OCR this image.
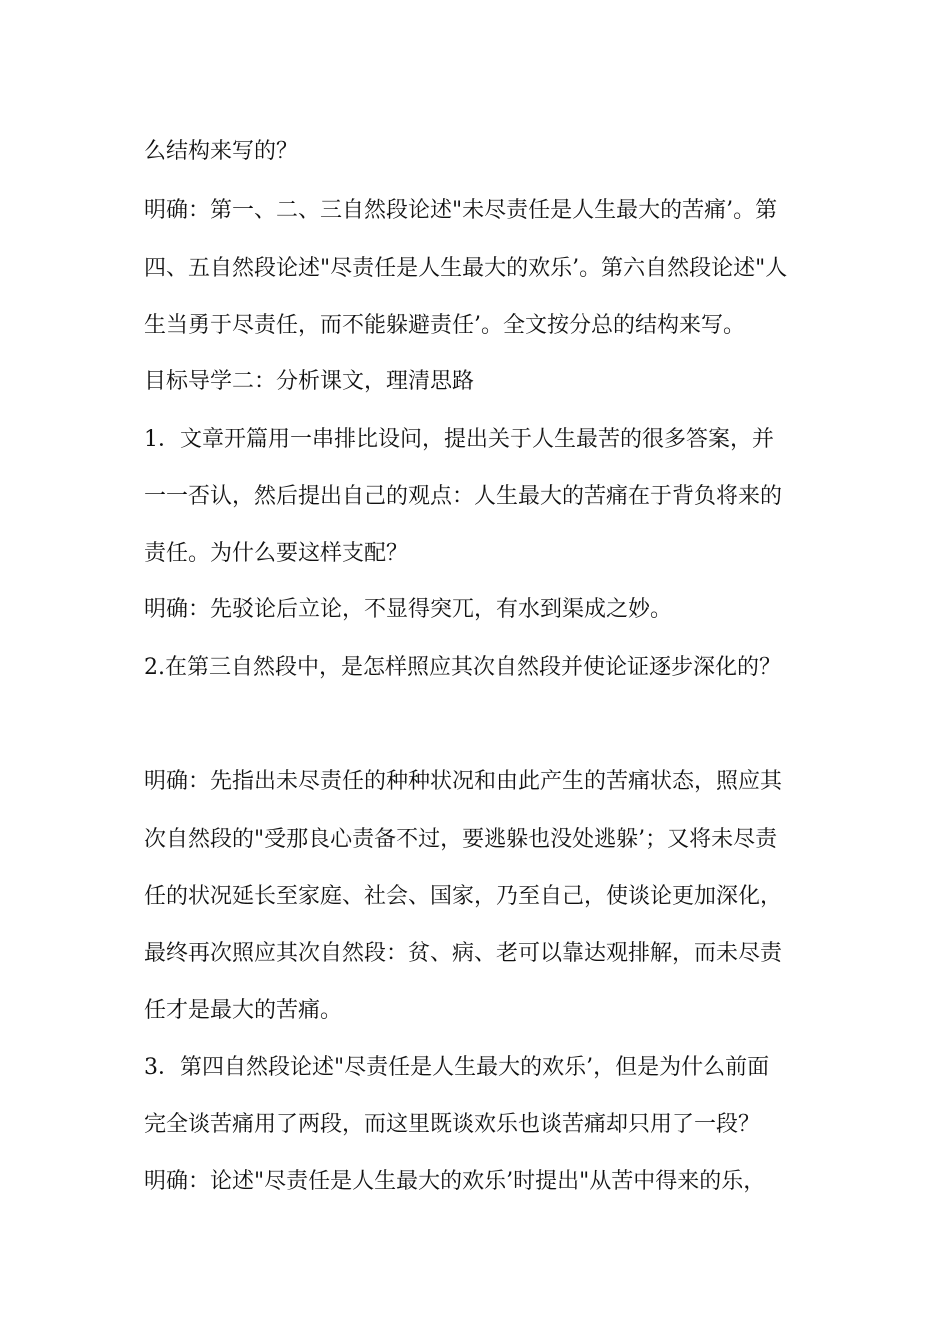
么结构来写的？

明确：第一、二、三自然段论述"未尽责任是人生最大的苦痛’。第

四、五自然段论述"尽责任是人生最大的欢乐’。第六自然段论述"人

生当勇于尽责任，而不能躲避责任’。全文按分总的结构来写。

目标导学二：分析课文，理清思路

1．文章开篇用一串排比设问，提出关于人生最苦的很多答案，并

一一否认，然后提出自己的观点：人生最大的苦痛在于背负将来的

责任。为什么要这样支配？

明确：先驳论后立论，不显得突兀，有水到渠成之妙。

2.在第三自然段中，是怎样照应其次自然段并使论证逐步深化的？

明确：先指出未尽责任的种种状况和由此产生的苦痛状态，照应其

次自然段的"受那良心责备不过，要逃躲也没处逃躲’；又将未尽责

任的状况延长至家庭、社会、国家，乃至自己，使谈论更加深化，

最终再次照应其次自然段：贫、病、老可以靠达观排解，而未尽责

任才是最大的苦痛。

3．第四自然段论述"尽责任是人生最大的欢乐’，但是为什么前面

完全谈苦痛用了两段，而这里既谈欢乐也谈苦痛却只用了一段？

明确：论述"尽责任是人生最大的欢乐’时提出"从苦中得来的乐，
